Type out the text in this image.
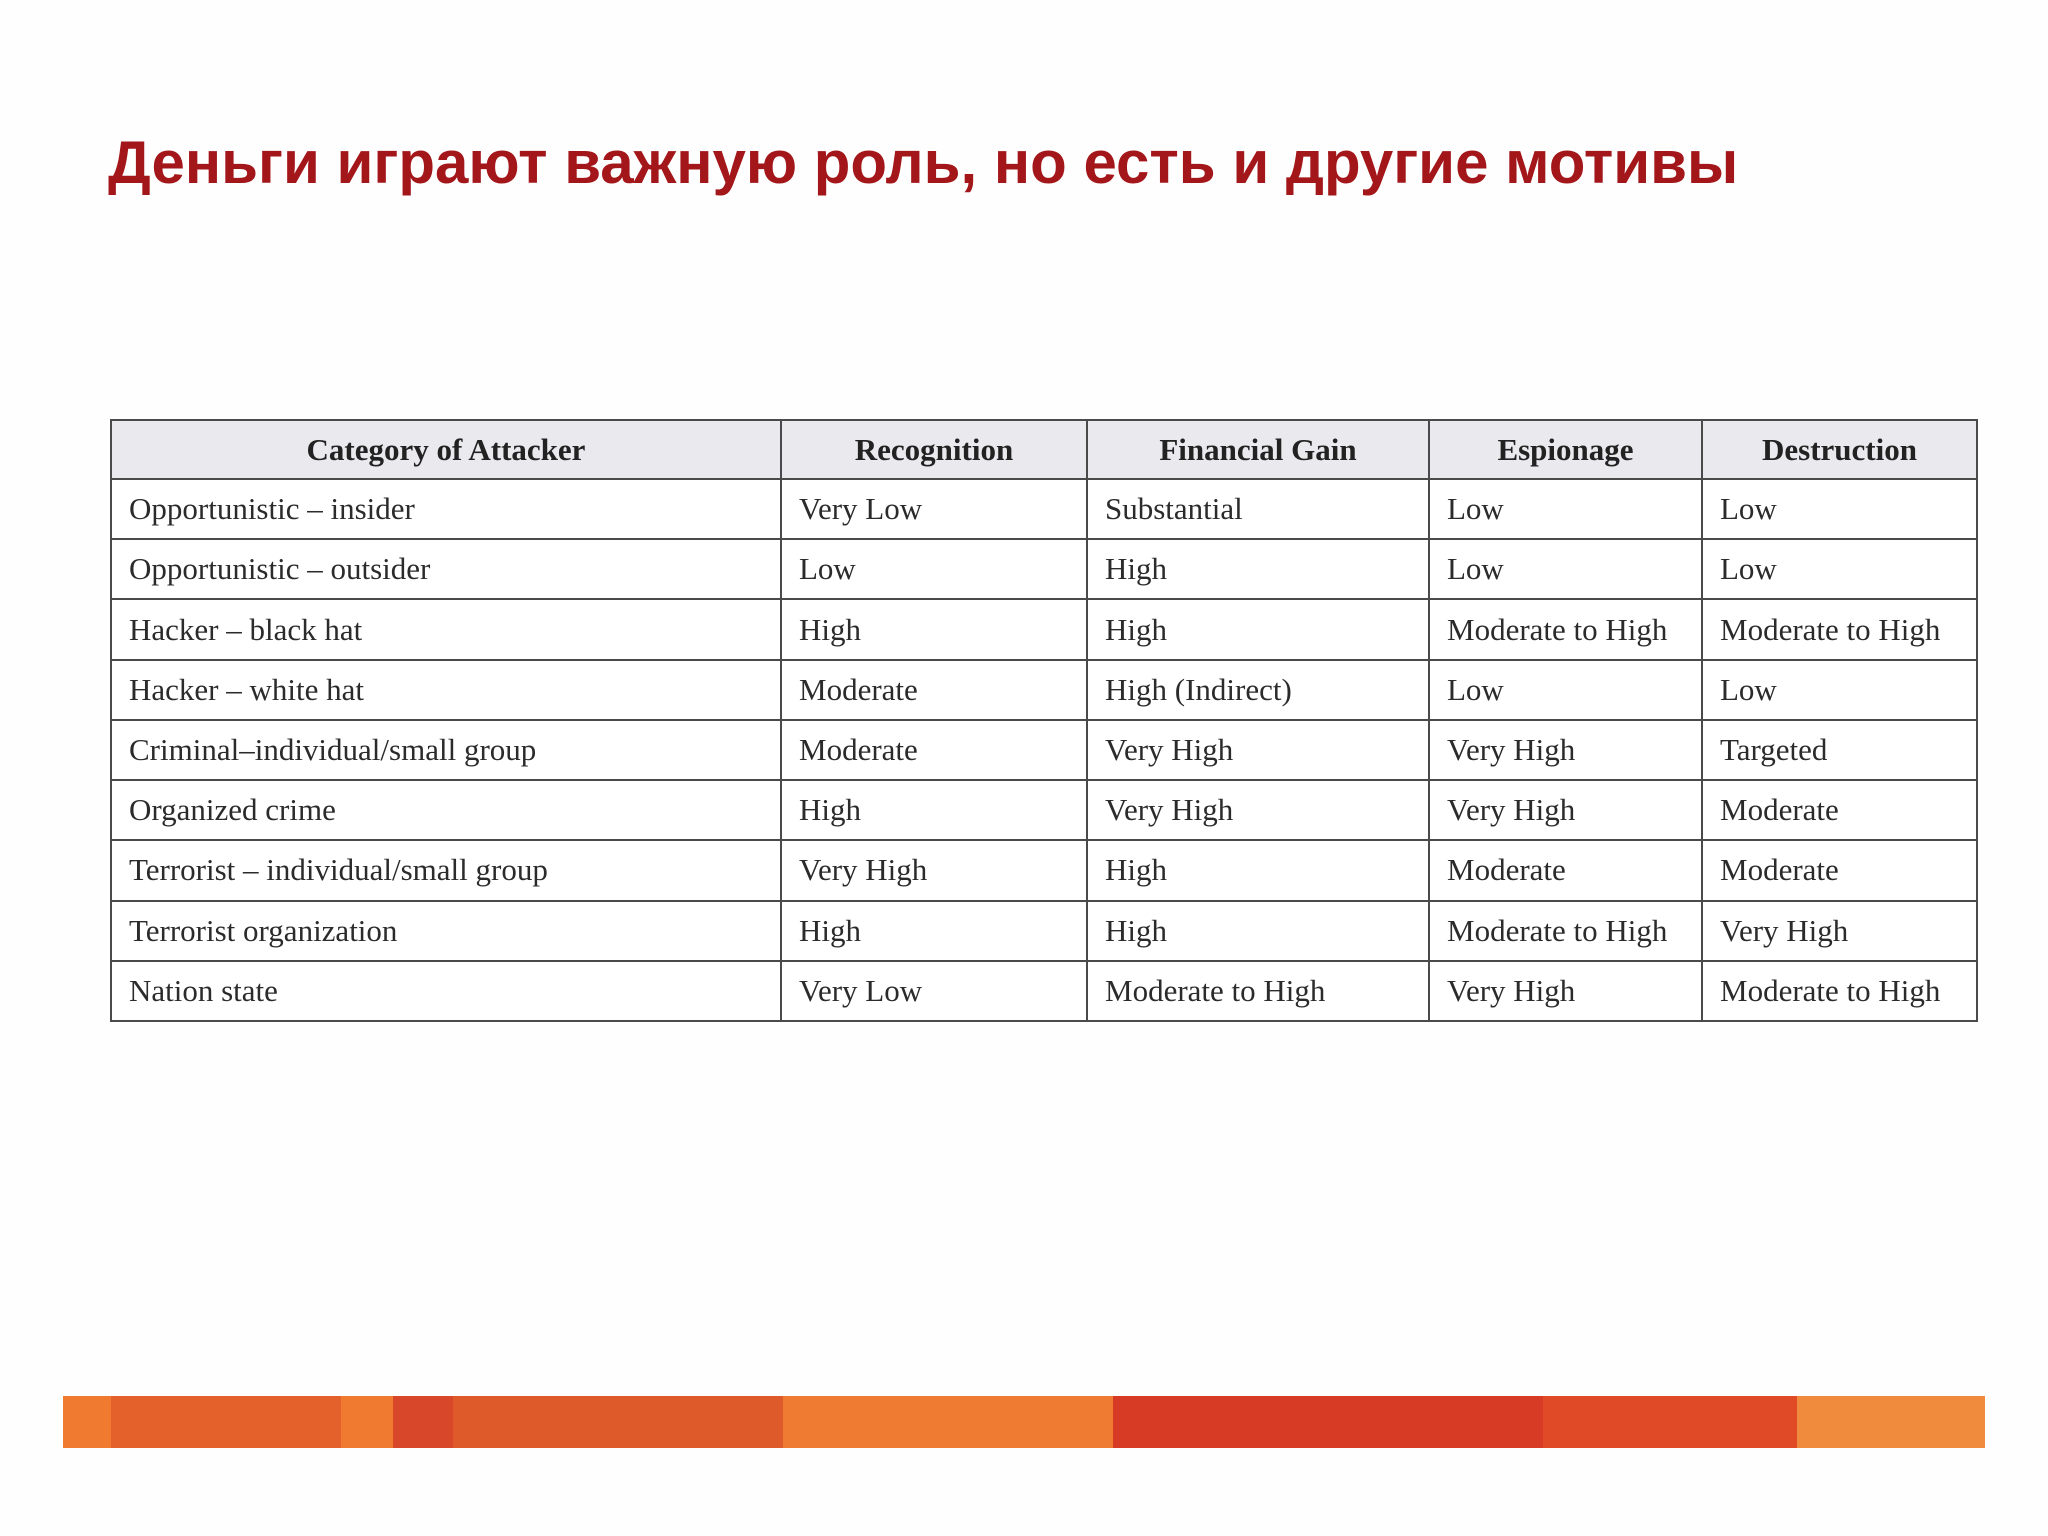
Деньги играют важную роль, но есть и другие мотивы
Category of Attacker	Recognition	Financial Gain	Espionage	Destruction
Opportunistic – insider	Very Low	Substantial	Low	Low
Opportunistic – outsider	Low	High	Low	Low
Hacker – black hat	High	High	Moderate to High	Moderate to High
Hacker – white hat	Moderate	High (Indirect)	Low	Low
Criminal–individual/small group	Moderate	Very High	Very High	Targeted
Organized crime	High	Very High	Very High	Moderate
Terrorist – individual/small group	Very High	High	Moderate	Moderate
Terrorist organization	High	High	Moderate to High	Very High
Nation state	Very Low	Moderate to High	Very High	Moderate to High
